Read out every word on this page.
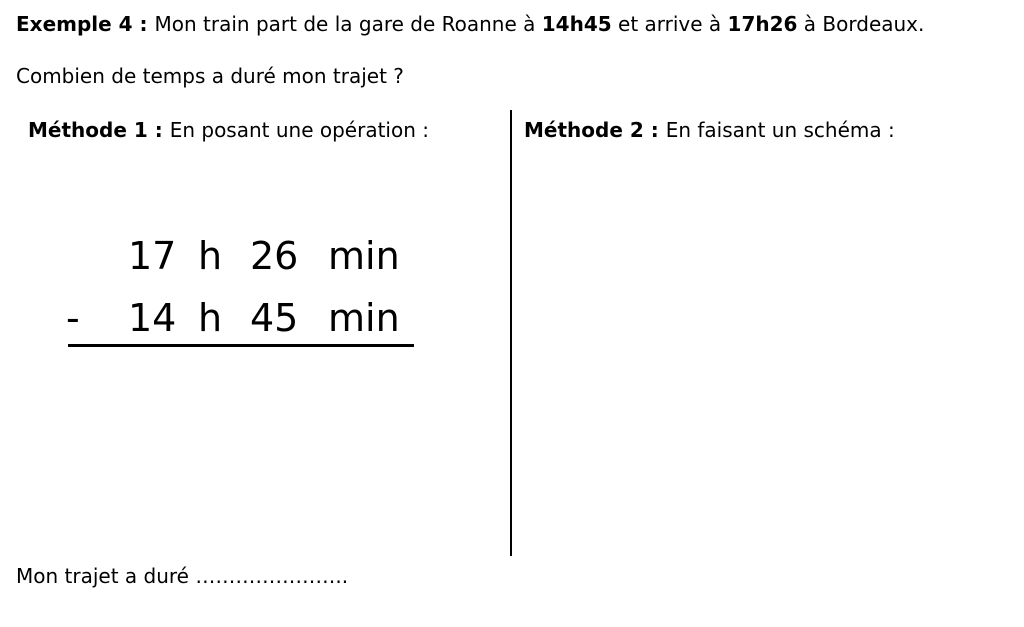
Exemple 4 : Mon train part de la gare de Roanne à 14h45 et arrive à 17h26 à Bordeaux.
Combien de temps a duré mon trajet ?
Méthode 1 : En posant une opération :	Méthode 2 : En faisant un schéma :
17 h 26 min
- 14 h 45 min
Mon trajet a duré …………………..
